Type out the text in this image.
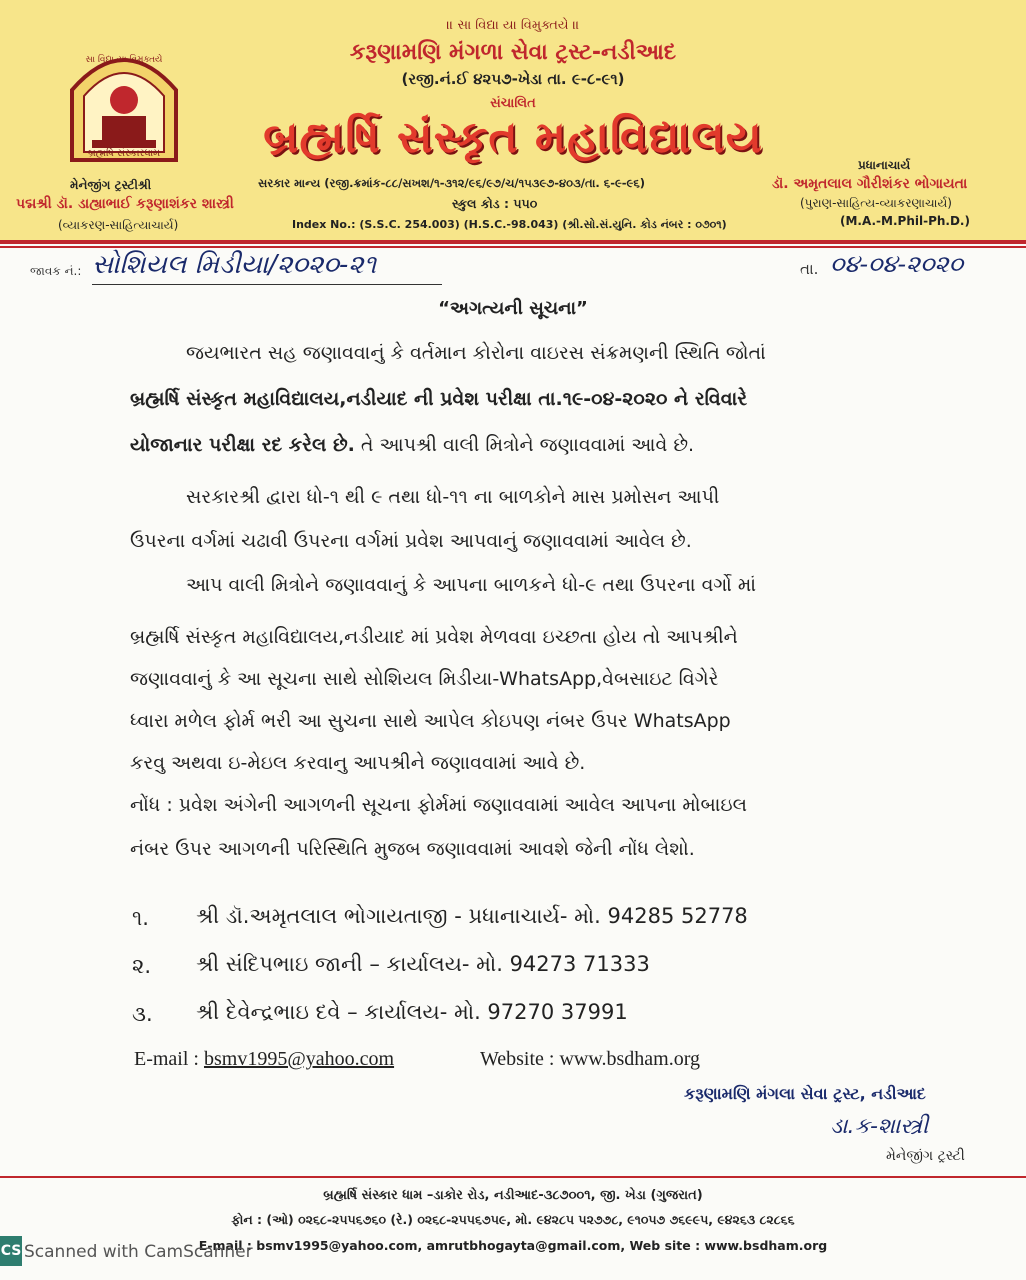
॥ સા વિદ્યા યા વિમુક્તયે ॥
કરૂણામણિ મંગળા સેવા ટ્રસ્ટ-નડીઆદ
(રજી.નં.ઈ ૪૨૫૭-ખેડા તા. ૯-૮-૯૧)
સંચાલિત
બ્રહ્મર્ષિ સંસ્કૃત મહાવિદ્યાલય
સા વિદ્યા યા વિમુક્તયે
બ્રહ્મર્ષિ સંસ્કારધામ
મેનેજીંગ ટ્રસ્ટીશ્રી
પદ્મશ્રી ડૉ. ડાહ્યાભાઈ કરૂણાશંકર શાસ્ત્રી
(વ્યાકરણ-સાહિત્યાચાર્ય)
સરકાર માન્ય (રજી.ક્રમાંક-૮૮/સખશ/૧-૩૧૨/૯૬/૯૭/ચ/૧૫૩૯૭-૪૦૩/તા. ૬-૯-૯૬)
સ્કુલ કોડ : ૫૫૦
Index No.: (S.S.C. 254.003) (H.S.C.-98.043) (શ્રી.સો.સં.યુનિ. કોડ નંબર : ૦૭૦૧)
પ્રધાનાચાર્ય
ડૉ. અમૃતલાલ ગૌરીશંકર ભોગાયતા
(પુરાણ-સાહિત્ય-વ્યાકરણાચાર્ય)
(M.A.-M.Phil-Ph.D.)
જાવક નં.: સોશિયલ મિડીયા/૨૦૨૦-૨૧	તા. ૦૪-૦૪-૨૦૨૦
“અગત્યની સૂચના”
જયભારત સહ જણાવવાનું કે વર્તમાન કોરોના વાઇરસ સંક્રમણની સ્થિતિ જોતાં
બ્રહ્મર્ષિ સંસ્કૃત મહાવિદ્યાલય,નડીયાદ ની પ્રવેશ પરીક્ષા તા.૧૯-૦૪-૨૦૨૦ ને રવિવારે
યોજાનાર પરીક્ષા રદ કરેલ છે. તે આપશ્રી વાલી મિત્રોને જણાવવામાં આવે છે.
સરકારશ્રી દ્વારા ધો-૧ થી ૯ તથા ધો-૧૧ ના બાળકોને માસ પ્રમોસન આપી
ઉપરના વર્ગમાં ચઢાવી ઉપરના વર્ગમાં પ્રવેશ આપવાનું જણાવવામાં આવેલ છે.
આપ વાલી મિત્રોને જણાવવાનું કે આપના બાળકને ધો-૯ તથા ઉપરના વર્ગો માં
બ્રહ્મર્ષિ સંસ્કૃત મહાવિદ્યાલય,નડીયાદ માં પ્રવેશ મેળવવા ઇચ્છતા હોય તો આપશ્રીને
જણાવવાનું કે આ સૂચના સાથે સોશિયલ મિડીયા-WhatsApp,વેબસાઇટ વિગેરે
ધ્વારા મળેલ ફોર્મ ભરી આ સુચના સાથે આપેલ કોઇપણ નંબર ઉપર WhatsApp
કરવુ અથવા ઇ-મેઇલ કરવાનુ આપશ્રીને જણાવવામાં આવે છે.
નોંધ : પ્રવેશ અંગેની આગળની સૂચના ફોર્મમાં જણાવવામાં આવેલ આપના મોબાઇલ
નંબર ઉપર આગળની પરિસ્થિતિ મુજબ જણાવવામાં આવશે જેની નોંધ લેશો.
૧. શ્રી ડૉ.અમૃતલાલ ભોગાયતાજી - પ્રધાનાચાર્ય- મો. 94285 52778
૨. શ્રી સંદિપભાઇ જાની – કાર્યાલય- મો. 94273 71333
૩. શ્રી દેવેન્દ્રભાઇ દવે – કાર્યાલય- મો. 97270 37991
E-mail : bsmv1995@yahoo.com	Website : www.bsdham.org
કરૂણામણિ મંગલા સેવા ટ્રસ્ટ, નડીઆદ
ડા.ક-શાસ્ત્રી
મેનેજીંગ ટ્રસ્ટી
બ્રહ્મર્ષિ સંસ્કાર ધામ –ડાકોર રોડ, નડીઆદ-૩૮૭૦૦૧, જી. ખેડા (ગુજરાત)
ફોન : (ઓ) ૦૨૬૮-૨૫૫૬૭૬૦ (રે.) ૦૨૬૮-૨૫૫૬૭૫૯, મો. ૯૪૨૮૫ ૫૨૭૭૮, ૯૧૦૫૭ ૭૬૯૯૫, ૯૪૨૬૩ ૮૨૮૬૬
E-mail : bsmv1995@yahoo.com, amrutbhogayta@gmail.com, Web site : www.bsdham.org
CS Scanned with CamScanner
